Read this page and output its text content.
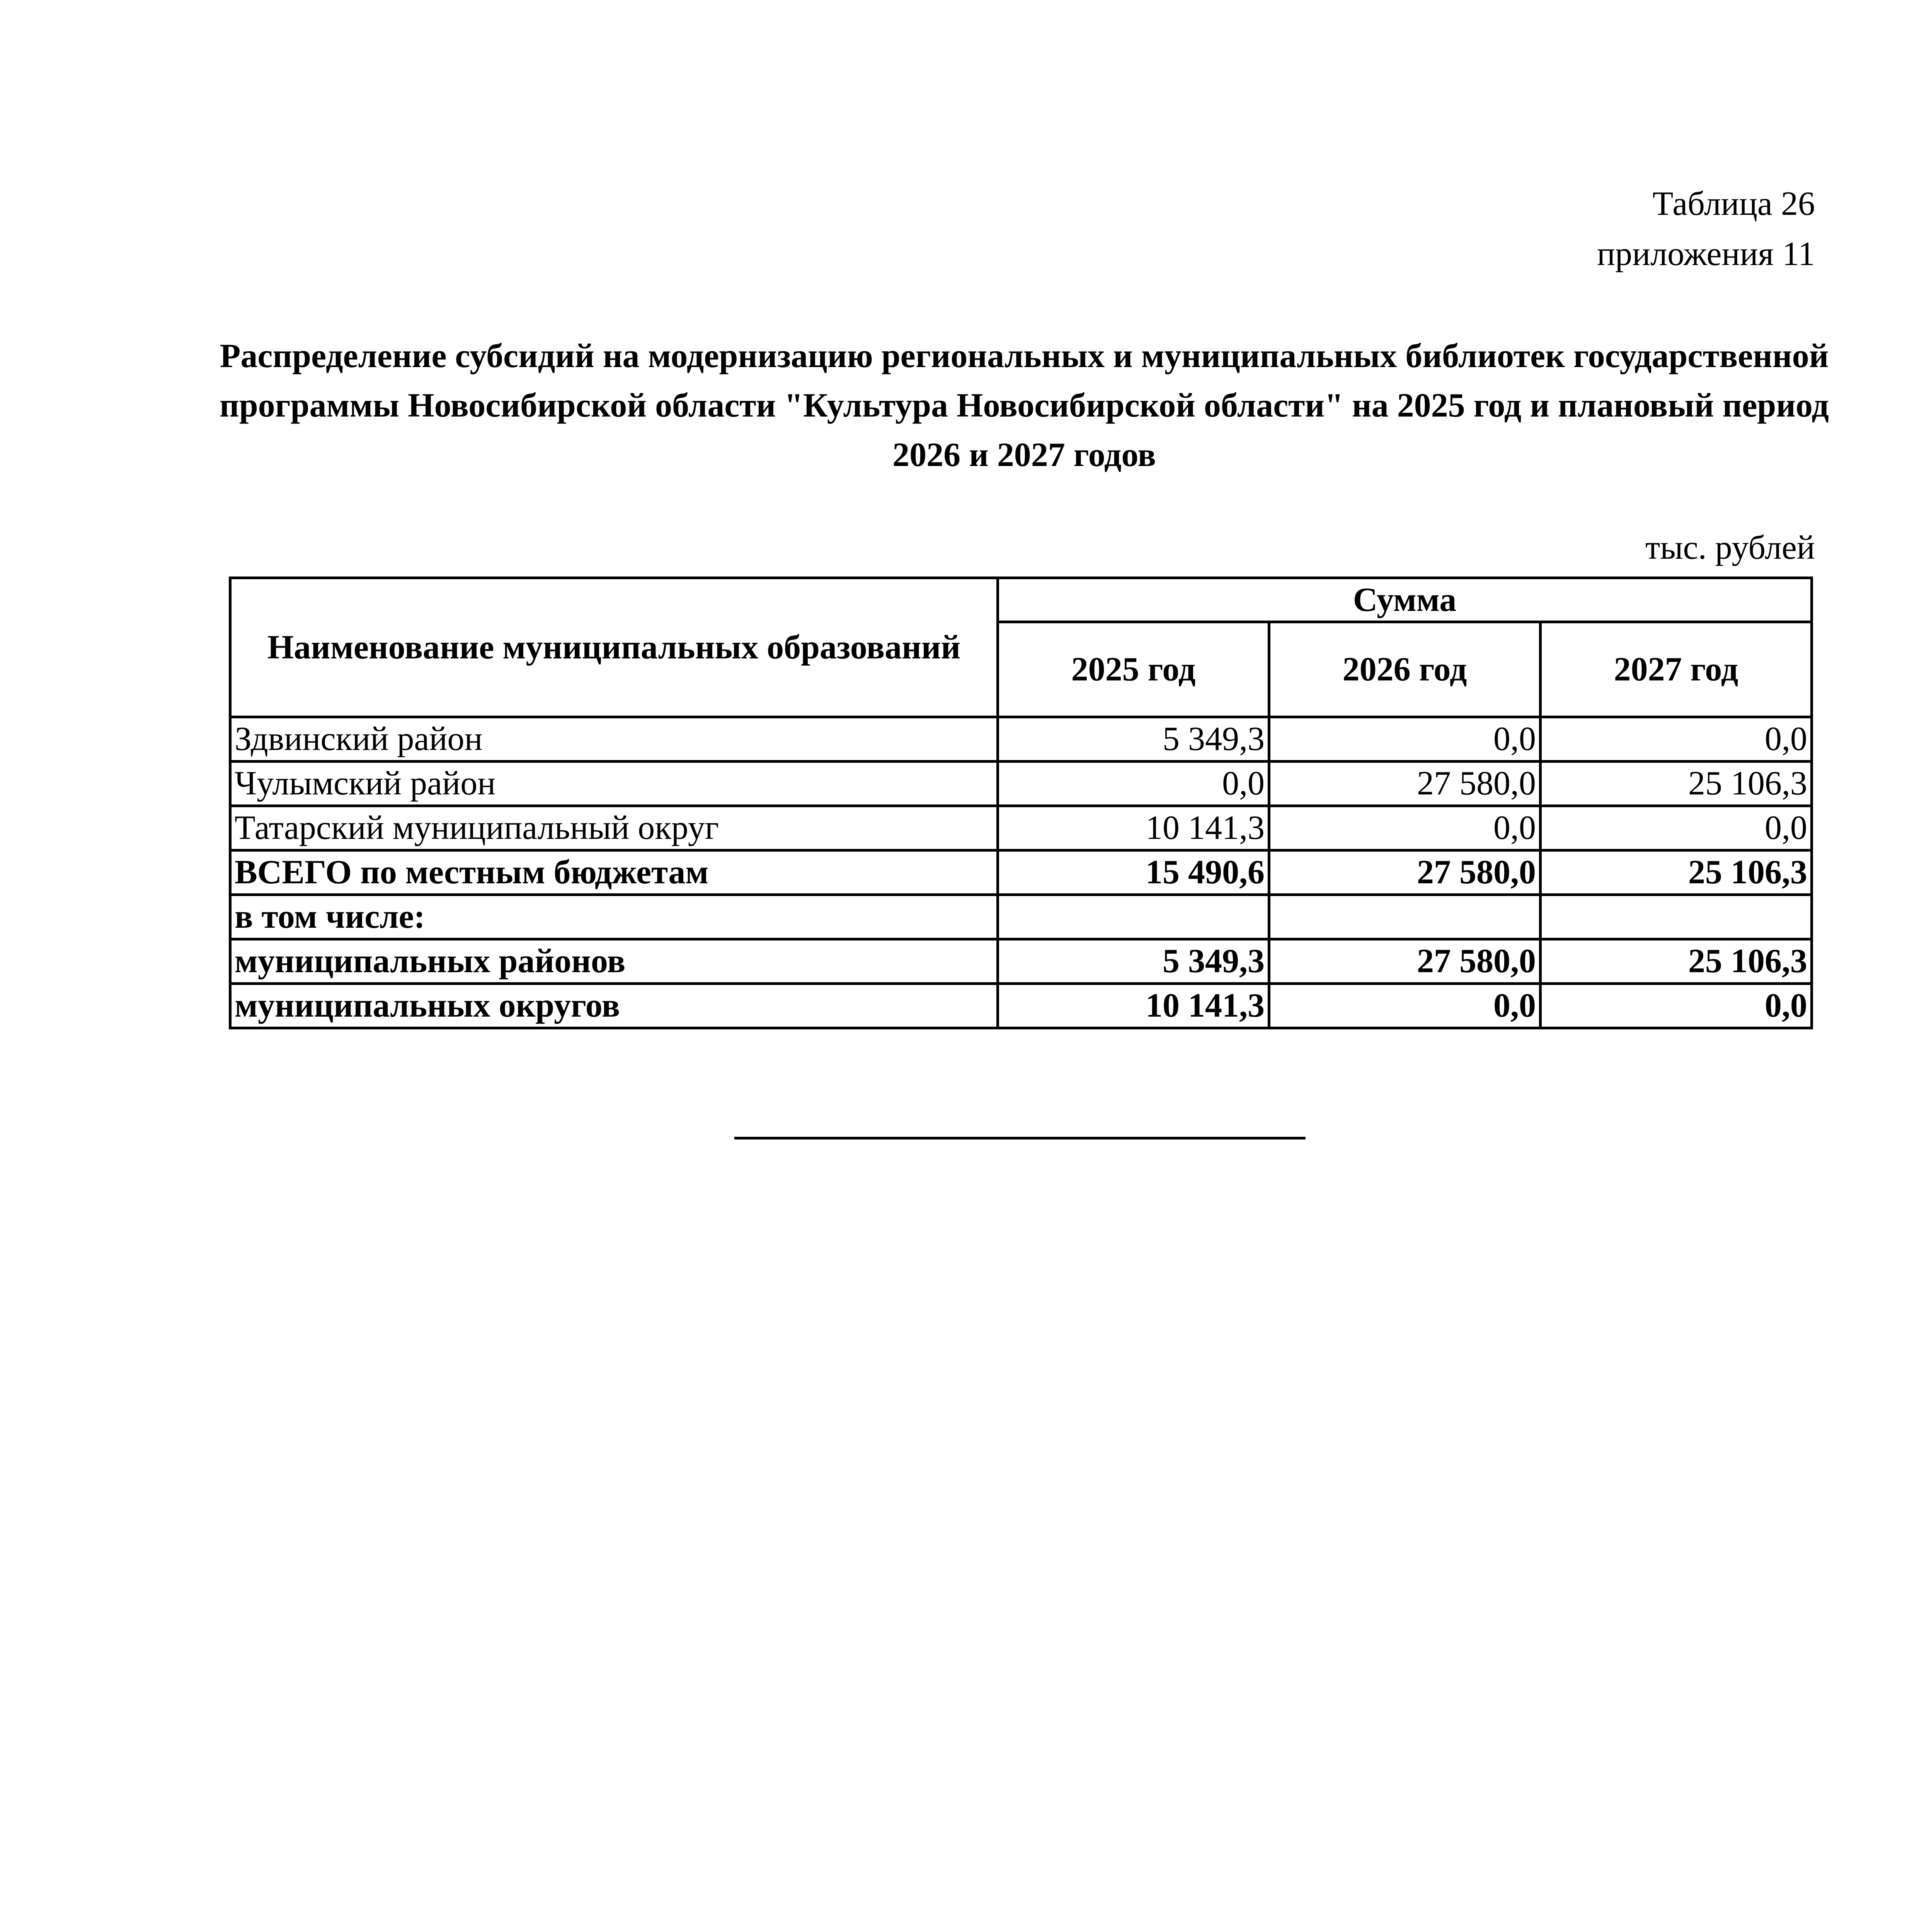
Таблица 26
приложения 11
Распределение субсидий на модернизацию региональных и муниципальных библиотек государственной программы Новосибирской области "Культура Новосибирской области" на 2025 год и плановый период 2026 и 2027 годов
тыс. рублей
Наименование муниципальных образований	Сумма		
	2025 год	2026 год	2027 год
Здвинский район	5 349,3	0,0	0,0
Чулымский район	0,0	27 580,0	25 106,3
Татарский муниципальный округ	10 141,3	0,0	0,0
ВСЕГО по местным бюджетам	15 490,6	27 580,0	25 106,3
в том числе:			
муниципальных районов	5 349,3	27 580,0	25 106,3
муниципальных округов	10 141,3	0,0	0,0
